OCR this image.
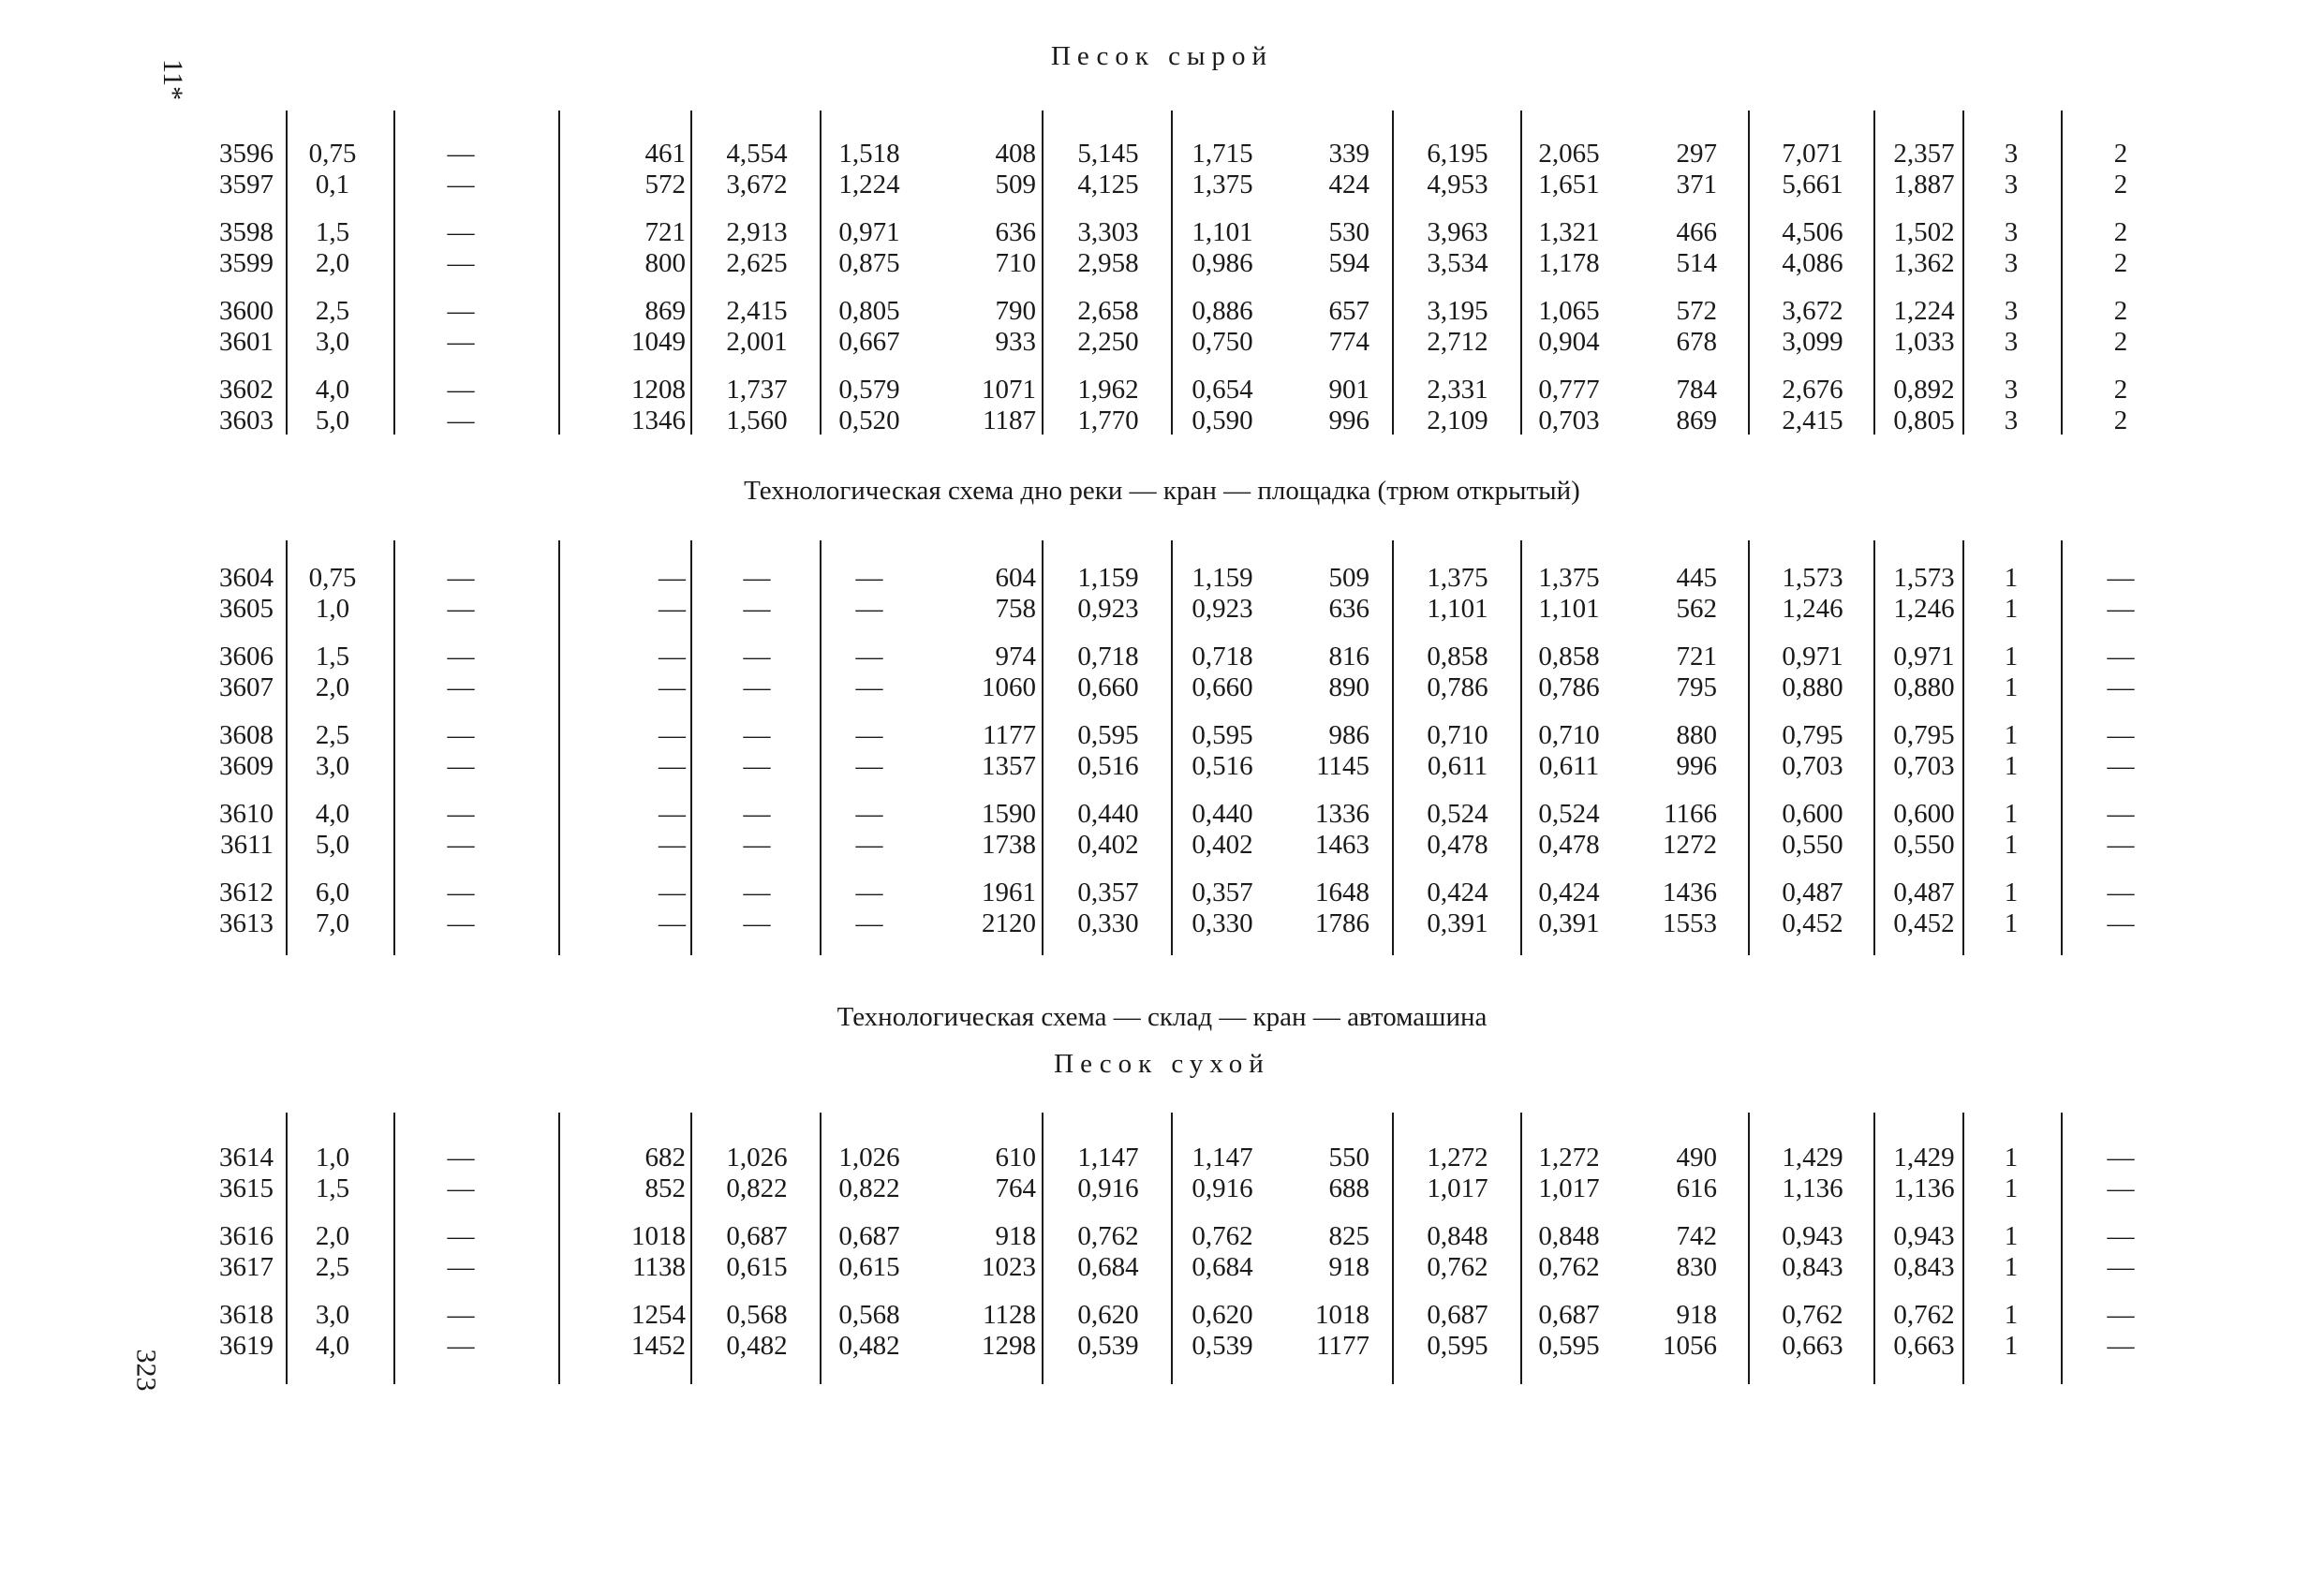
11*
323
Песок сырой
Технологическая схема дно реки — кран — площадка (трюм открытый)
Технологическая схема — склад — кран — автомашина
Песок сухой
3596	0,75	—	461	4,554	1,518	408	5,145	1,715	339	6,195	2,065	297	7,071	2,357	3	2
3597	0,1	—	572	3,672	1,224	509	4,125	1,375	424	4,953	1,651	371	5,661	1,887	3	2
3598	1,5	—	721	2,913	0,971	636	3,303	1,101	530	3,963	1,321	466	4,506	1,502	3	2
3599	2,0	—	800	2,625	0,875	710	2,958	0,986	594	3,534	1,178	514	4,086	1,362	3	2
3600	2,5	—	869	2,415	0,805	790	2,658	0,886	657	3,195	1,065	572	3,672	1,224	3	2
3601	3,0	—	1049	2,001	0,667	933	2,250	0,750	774	2,712	0,904	678	3,099	1,033	3	2
3602	4,0	—	1208	1,737	0,579	1071	1,962	0,654	901	2,331	0,777	784	2,676	0,892	3	2
3603	5,0	—	1346	1,560	0,520	1187	1,770	0,590	996	2,109	0,703	869	2,415	0,805	3	2
3604	0,75	—	—	—	—	604	1,159	1,159	509	1,375	1,375	445	1,573	1,573	1	—
3605	1,0	—	—	—	—	758	0,923	0,923	636	1,101	1,101	562	1,246	1,246	1	—
3606	1,5	—	—	—	—	974	0,718	0,718	816	0,858	0,858	721	0,971	0,971	1	—
3607	2,0	—	—	—	—	1060	0,660	0,660	890	0,786	0,786	795	0,880	0,880	1	—
3608	2,5	—	—	—	—	1177	0,595	0,595	986	0,710	0,710	880	0,795	0,795	1	—
3609	3,0	—	—	—	—	1357	0,516	0,516	1145	0,611	0,611	996	0,703	0,703	1	—
3610	4,0	—	—	—	—	1590	0,440	0,440	1336	0,524	0,524	1166	0,600	0,600	1	—
3611	5,0	—	—	—	—	1738	0,402	0,402	1463	0,478	0,478	1272	0,550	0,550	1	—
3612	6,0	—	—	—	—	1961	0,357	0,357	1648	0,424	0,424	1436	0,487	0,487	1	—
3613	7,0	—	—	—	—	2120	0,330	0,330	1786	0,391	0,391	1553	0,452	0,452	1	—
3614	1,0	—	682	1,026	1,026	610	1,147	1,147	550	1,272	1,272	490	1,429	1,429	1	—
3615	1,5	—	852	0,822	0,822	764	0,916	0,916	688	1,017	1,017	616	1,136	1,136	1	—
3616	2,0	—	1018	0,687	0,687	918	0,762	0,762	825	0,848	0,848	742	0,943	0,943	1	—
3617	2,5	—	1138	0,615	0,615	1023	0,684	0,684	918	0,762	0,762	830	0,843	0,843	1	—
3618	3,0	—	1254	0,568	0,568	1128	0,620	0,620	1018	0,687	0,687	918	0,762	0,762	1	—
3619	4,0	—	1452	0,482	0,482	1298	0,539	0,539	1177	0,595	0,595	1056	0,663	0,663	1	—
